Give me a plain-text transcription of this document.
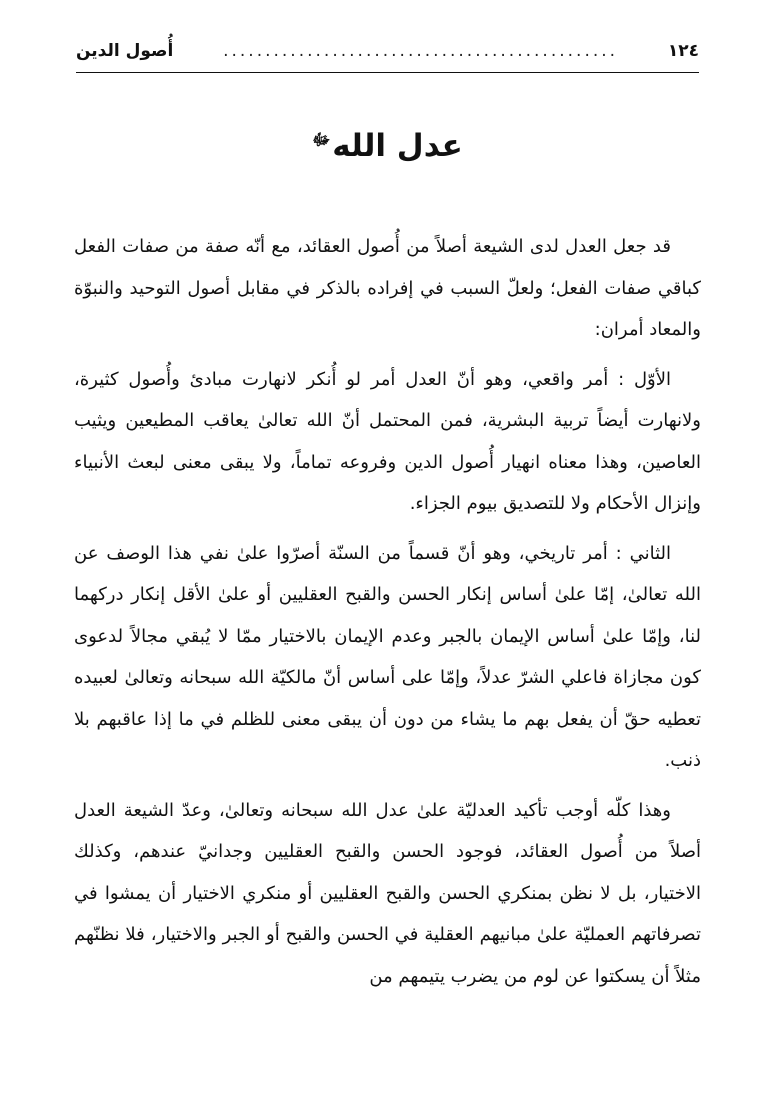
١٢٤
...............................................
أُصول الدين
عدل الله$^ﷻ$

قد جعل العدل لدى الشيعة أصلاً من أُصول العقائد، مع أنّه صفة من صفات الفعل كباقي صفات الفعل؛ ولعلّ السبب في إفراده بالذكر في مقابل أصول التوحيد والنبوّة والمعاد أمران:

الأوّل : أمر واقعي، وهو أنّ العدل أمر لو أُنكر لانهارت مبادئ وأُصول كثيرة، ولانهارت أيضاً تربية البشرية، فمن المحتمل أنّ الله تعالىٰ يعاقب المطيعين ويثيب العاصين، وهذا معناه انهيار أُصول الدين وفروعه تماماً، ولا يبقى معنى لبعث الأنبياء وإنزال الأحكام ولا للتصديق بيوم الجزاء.

الثاني : أمر تاريخي، وهو أنّ قسماً من السنّة أصرّوا علىٰ نفي هذا الوصف عن الله تعالىٰ، إمّا علىٰ أساس إنكار الحسن والقبح العقليين أو علىٰ الأقل إنكار دركهما لنا، وإمّا علىٰ أساس الإيمان بالجبر وعدم الإيمان بالاختيار ممّا لا يُبقي مجالاً لدعوى كون مجازاة فاعلي الشرّ عدلاً، وإمّا على أساس أنّ مالكيّة الله سبحانه وتعالىٰ لعبيده تعطيه حقّ أن يفعل بهم ما يشاء من دون أن يبقى معنى للظلم في ما إذا عاقبهم بلا ذنب.

وهذا كلّه أوجب تأكيد العدليّة علىٰ عدل الله سبحانه وتعالىٰ، وعدّ الشيعة العدل أصلاً من أُصول العقائد، فوجود الحسن والقبح العقليين وجدانيّ عندهم، وكذلك الاختيار، بل لا نظن بمنكري الحسن والقبح العقليين أو منكري الاختيار أن يمشوا في تصرفاتهم العمليّة علىٰ مبانيهم العقلية في الحسن والقبح أو الجبر والاختيار، فلا نظنّهم مثلاً أن يسكتوا عن لوم من يضرب يتيمهم من
